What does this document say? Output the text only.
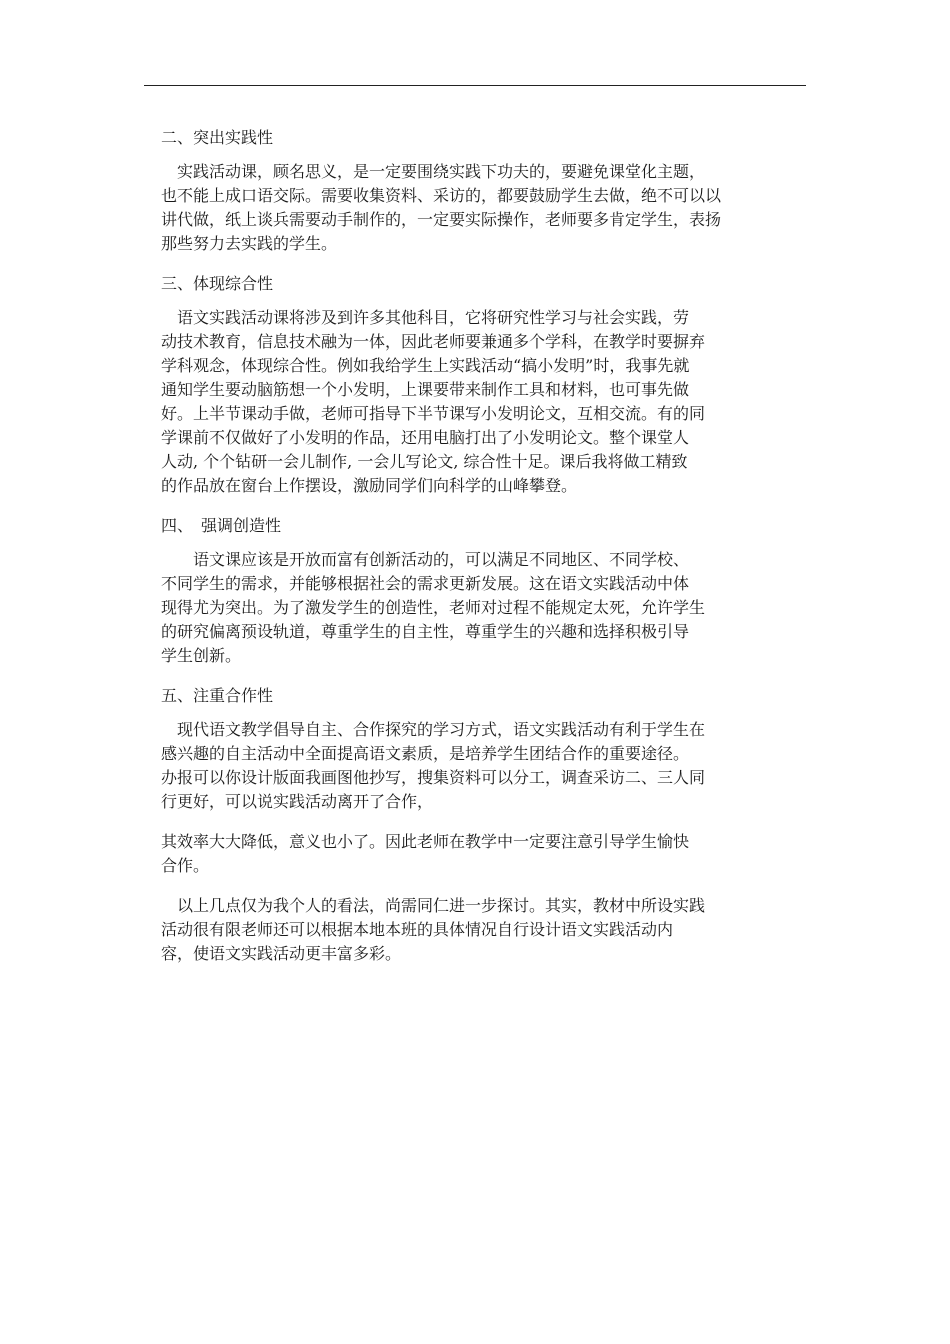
二、突出实践性
　实践活动课，顾名思义，是一定要围绕实践下功夫的，要避免课堂化主题，
也不能上成口语交际。需要收集资料、采访的，都要鼓励学生去做，绝不可以以
讲代做，纸上谈兵需要动手制作的，一定要实际操作，老师要多肯定学生，表扬
那些努力去实践的学生。
三、体现综合性
　语文实践活动课将涉及到许多其他科目，它将研究性学习与社会实践，劳
动技术教育，信息技术融为一体，因此老师要兼通多个学科，在教学时要摒弃
学科观念，体现综合性。例如我给学生上实践活动“搞小发明”时，我事先就
通知学生要动脑筋想一个小发明，上课要带来制作工具和材料，也可事先做
好。上半节课动手做，老师可指导下半节课写小发明论文，互相交流。有的同
学课前不仅做好了小发明的作品，还用电脑打出了小发明论文。整个课堂人
人动, 个个钻研一会儿制作, 一会儿写论文, 综合性十足。课后我将做工精致
的作品放在窗台上作摆设，激励同学们向科学的山峰攀登。
四、　强调创造性
　　语文课应该是开放而富有创新活动的，可以满足不同地区、不同学校、
不同学生的需求，并能够根据社会的需求更新发展。这在语文实践活动中体
现得尤为突出。为了激发学生的创造性，老师对过程不能规定太死，允许学生
的研究偏离预设轨道，尊重学生的自主性，尊重学生的兴趣和选择积极引导
学生创新。
五、注重合作性
　现代语文教学倡导自主、合作探究的学习方式，语文实践活动有利于学生在
感兴趣的自主活动中全面提高语文素质，是培养学生团结合作的重要途径。
办报可以你设计版面我画图他抄写，搜集资料可以分工，调查采访二、三人同
行更好，可以说实践活动离开了合作，
其效率大大降低，意义也小了。因此老师在教学中一定要注意引导学生愉快
合作。
　以上几点仅为我个人的看法，尚需同仁进一步探讨。其实，教材中所设实践
活动很有限老师还可以根据本地本班的具体情况自行设计语文实践活动内
容，使语文实践活动更丰富多彩。
